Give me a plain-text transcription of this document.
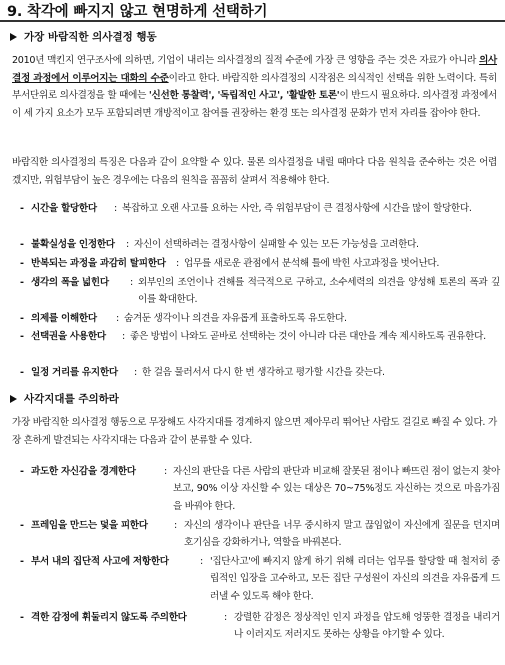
9. 착각에 빠지지 않고 현명하게 선택하기
가장 바람직한 의사결정 행동
2010년 맥킨지 연구조사에 의하면, 기업이 내리는 의사결정의 질적 수준에 가장 큰 영향을 주는 것은 자료가 아니라 의사결정 과정에서 이루어지는 대화의 수준이라고 한다. 바람직한 의사결정의 시작점은 의식적인 선택을 위한 노력이다. 특히 부서단위로 의사결정을 할 때에는 '신선한 통찰력', '독립적인 사고', '활발한 토론'이 반드시 필요하다. 의사결정 과정에서 이 세 가지 요소가 모두 포함되려면 개방적이고 참여를 권장하는 환경 또는 의사결정 문화가 먼저 자리를 잡아야 한다.
바람직한 의사결정의 특징은 다음과 같이 요약할 수 있다. 물론 의사결정을 내릴 때마다 다음 원칙을 준수하는 것은 어렵겠지만, 위험부담이 높은 경우에는 다음의 원칙을 꼼꼼히 살펴서 적용해야 한다.
- 시간을 할당한다 : 복잡하고 오랜 사고를 요하는 사안, 즉 위험부담이 큰 결정사항에 시간을 많이 할당한다.
- 불확실성을 인정한다 : 자신이 선택하려는 결정사항이 실패할 수 있는 모든 가능성을 고려한다.
- 반복되는 과정을 과감히 탈피한다 : 업무를 새로운 관점에서 분석해 틀에 박힌 사고과정을 벗어난다.
- 생각의 폭을 넓힌다 : 외부인의 조언이나 견해를 적극적으로 구하고, 소수세력의 의견을 양성해 토론의 폭과 깊이를 확대한다.
- 의제를 이해한다 : 숨겨둔 생각이나 의견을 자유롭게 표출하도록 유도한다.
- 선택권을 사용한다 : 좋은 방법이 나와도 곧바로 선택하는 것이 아니라 다른 대안을 계속 제시하도록 권유한다.
- 일정 거리를 유지한다 : 한 걸음 물러서서 다시 한 번 생각하고 평가할 시간을 갖는다.
사각지대를 주의하라
가장 바람직한 의사결정 행동으로 무장해도 사각지대를 경계하지 않으면 제아무리 뛰어난 사람도 걸길로 빠질 수 있다. 가장 흔하게 발견되는 사각지대는 다음과 같이 분류할 수 있다.
- 과도한 자신감을 경계한다	: 자신의 판단을 다른 사람의 판단과 비교해 잘못된 점이나 빠뜨린 점이 없는지 찾아보고, 90% 이상 자신할 수 있는 대상은 70~75%정도 자신하는 것으로 마음가짐을 바꿔야 한다.
- 프레임을 만드는 덫을 피한다	: 자신의 생각이나 판단을 너무 중시하지 말고 끊임없이 자신에게 질문을 던지며 호기심을 강화하거나, 역할을 바꿔본다.
- 부서 내의 집단적 사고에 저항한다	: '집단사고'에 빠지지 않게 하기 위해 리더는 업무를 할당할 때 철저히 중립적인 입장을 고수하고, 모든 집단 구성원이 자신의 의견을 자유롭게 드러낼 수 있도록 해야 한다.
- 격한 감정에 휘둘리지 않도록 주의한다	: 강렬한 감정은 정상적인 인지 과정을 압도해 엉뚱한 결정을 내리거나 이러지도 저러지도 못하는 상황을 야기할 수 있다.
